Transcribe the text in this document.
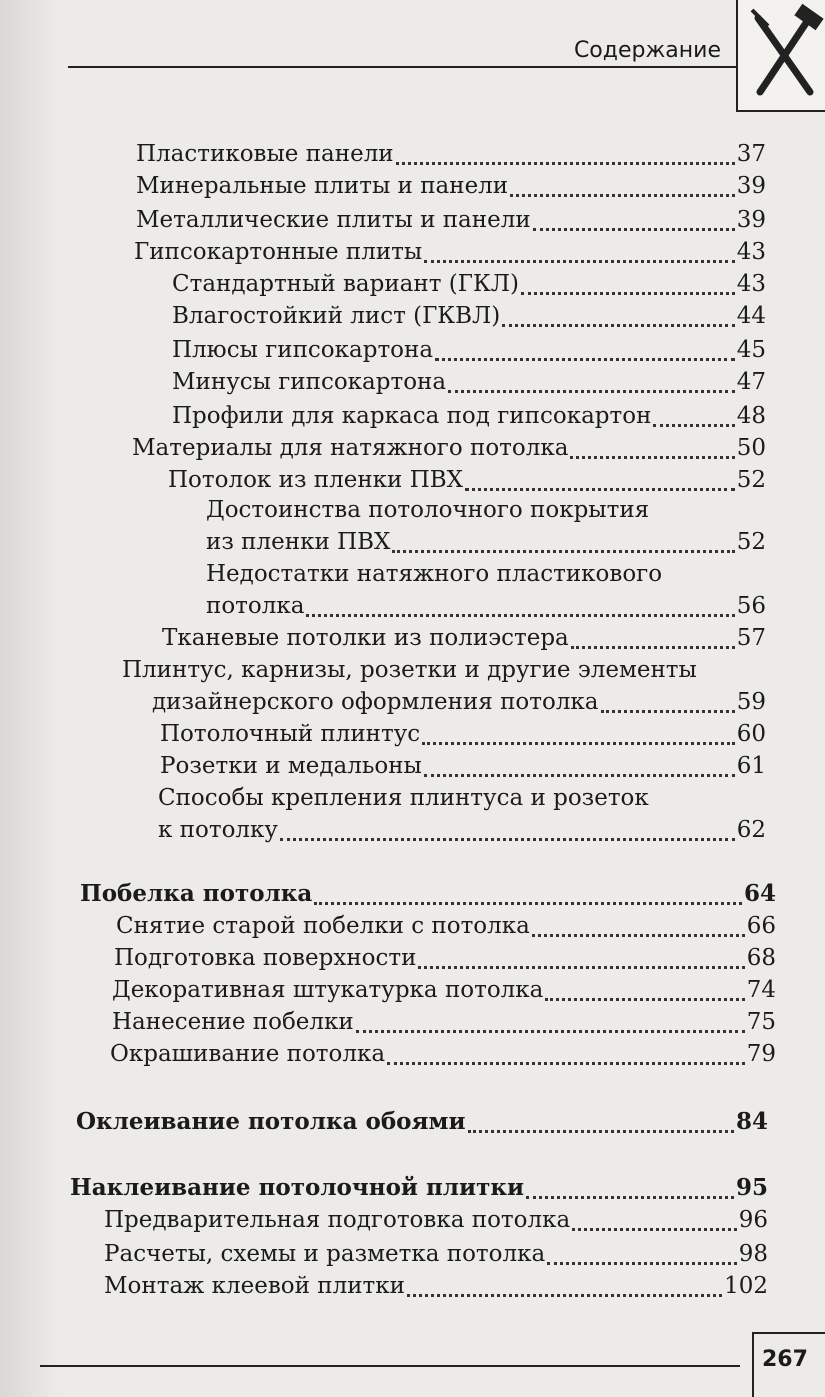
Содержание
Пластиковые панели	37
Минеральные плиты и панели	39
Металлические плиты и панели	39
Гипсокартонные плиты	43
Стандартный вариант (ГКЛ)	43
Влагостойкий лист (ГКВЛ)	44
Плюсы гипсокартона	45
Минусы гипсокартона	47
Профили для каркаса под гипсокартон	48
Материалы для натяжного потолка	50
Потолок из пленки ПВХ	52
Достоинства потолочного покрытия
из пленки ПВХ	52
Недостатки натяжного пластикового
потолка	56
Тканевые потолки из полиэстера	57
Плинтус, карнизы, розетки и другие элементы
дизайнерского оформления потолка	59
Потолочный плинтус	60
Розетки и медальоны	61
Способы крепления плинтуса и розеток
к потолку	62
Побелка потолка	64
Снятие старой побелки с потолка	66
Подготовка поверхности	68
Декоративная штукатурка потолка	74
Нанесение побелки	75
Окрашивание потолка	79
Оклеивание потолка обоями	84
Наклеивание потолочной плитки	95
Предварительная подготовка потолка	96
Расчеты, схемы и разметка потолка	98
Монтаж клеевой плитки	102
267
